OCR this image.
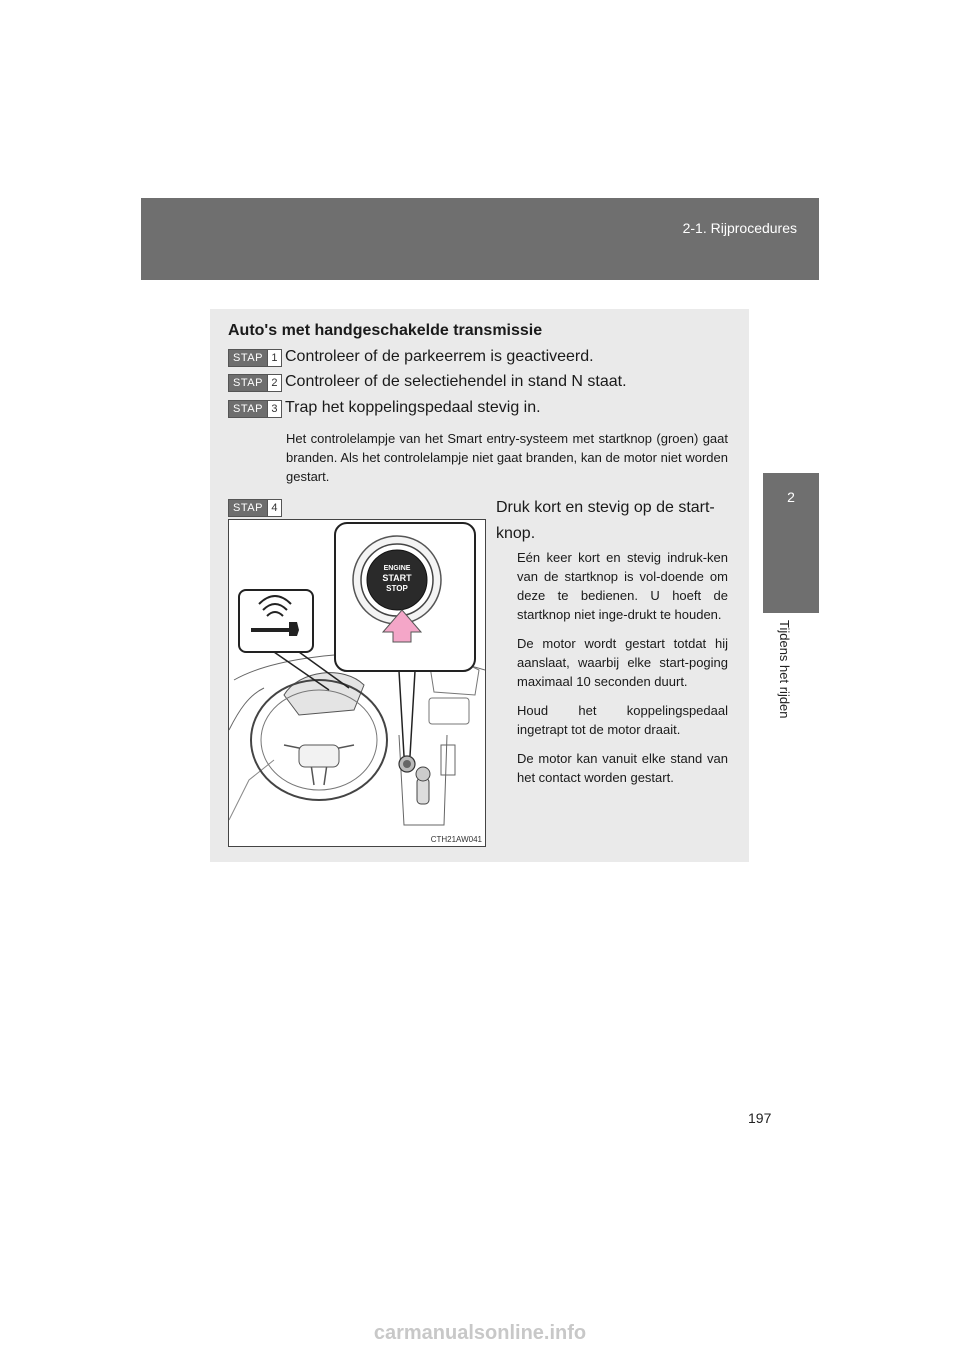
2-1. Rijprocedures
2
Tijdens het rijden
Auto's met handgeschakelde transmissie
STAP 1 Controleer of de parkeerrem is geactiveerd.
STAP 2 Controleer of de selectiehendel in stand N staat.
STAP 3 Trap het koppelingspedaal stevig in.
Het controlelampje van het Smart entry-systeem met startknop (groen) gaat branden. Als het controlelampje niet gaat branden, kan de motor niet worden gestart.
STAP 4	Druk kort en stevig op de start-knop.

Eén keer kort en stevig indruk-ken van de startknop is vol-doende om deze te bedienen. U hoeft de startknop niet inge-drukt te houden.

De motor wordt gestart totdat hij aanslaat, waarbij elke start-poging maximaal 10 seconden duurt.

Houd het koppelingspedaal ingetrapt tot de motor draait.

De motor kan vanuit elke stand van het contact worden gestart.

ENGINE
START
STOP
CTH21AW041
197
carmanualsonline.info
